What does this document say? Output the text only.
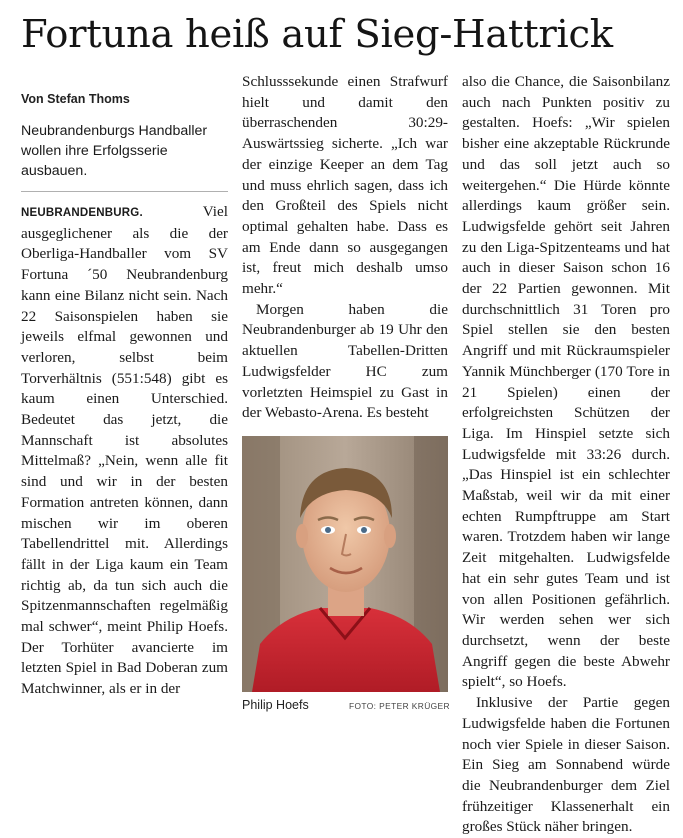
Fortuna heiß auf Sieg-Hattrick
Von Stefan Thoms
Neubrandenburgs Handballer wollen ihre Erfolgsserie ausbauen.

NEUBRANDENBURG.	Viel ausgeglichener als die der Oberliga-Handballer vom SV Fortuna ´50 Neubrandenburg kann eine Bilanz nicht sein. Nach 22 Saisonspielen haben sie jeweils elfmal gewonnen und verloren, selbst beim Torverhältnis (551:548) gibt es kaum einen Unterschied. Bedeutet das jetzt, die Mannschaft ist absolutes Mittelmaß? „Nein, wenn alle fit sind und wir in der besten Formation antreten können, dann mischen wir im oberen Tabellendrittel mit. Allerdings fällt in der Liga kaum ein Team richtig ab, da tun sich auch die Spitzenmannschaften regelmäßig mal schwer“, meint Philip Hoefs. Der Torhüter avancierte im letzten Spiel in Bad Doberan zum Matchwinner, als er in der

Schlusssekunde einen Strafwurf hielt und damit den überraschenden 30:29-Auswärtssieg sicherte. „Ich war der einzige Keeper an dem Tag und muss ehrlich sagen, dass ich den Großteil des Spiels nicht optimal gehalten habe. Dass es am Ende dann so ausgegangen ist, freut mich deshalb umso mehr.“

Morgen haben die Neubrandenburger ab 19 Uhr den aktuellen Tabellen-Dritten Ludwigsfelder HC zum vorletzten Heimspiel zu Gast in der Webasto-Arena. Es besteht

also die Chance, die Saisonbilanz auch nach Punkten positiv zu gestalten. Hoefs: „Wir spielen bisher eine akzeptable Rückrunde und das soll jetzt auch so weitergehen.“ Die Hürde könnte allerdings kaum größer sein. Ludwigsfelde gehört seit Jahren zu den Liga-Spitzenteams und hat auch in dieser Saison schon 16 der 22 Partien gewonnen. Mit durchschnittlich 31 Toren pro Spiel stellen sie den besten Angriff und mit Rückraumspieler Yannik Münchberger (170 Tore in 21 Spielen) einen der erfolgreichsten Schützen der Liga. Im Hinspiel setzte sich Ludwigsfelde mit 33:26 durch. „Das Hinspiel ist ein schlechter Maßstab, weil wir da mit einer echten Rumpftruppe am Start waren. Trotzdem haben wir lange Zeit mitgehalten. Ludwigsfelde hat ein sehr gutes Team und ist von allen Positionen gefährlich. Wir werden sehen wer sich durchsetzt, wenn der beste Angriff gegen die beste Abwehr spielt“, so Hoefs.

Inklusive der Partie gegen Ludwigsfelde haben die Fortunen noch vier Spiele in dieser Saison. Ein Sieg am Sonnabend würde die Neubrandenburger dem Ziel frühzeitiger Klassenerhalt ein großes Stück näher bringen.

Philip Hoefs	FOTO: PETER KRÜGER
